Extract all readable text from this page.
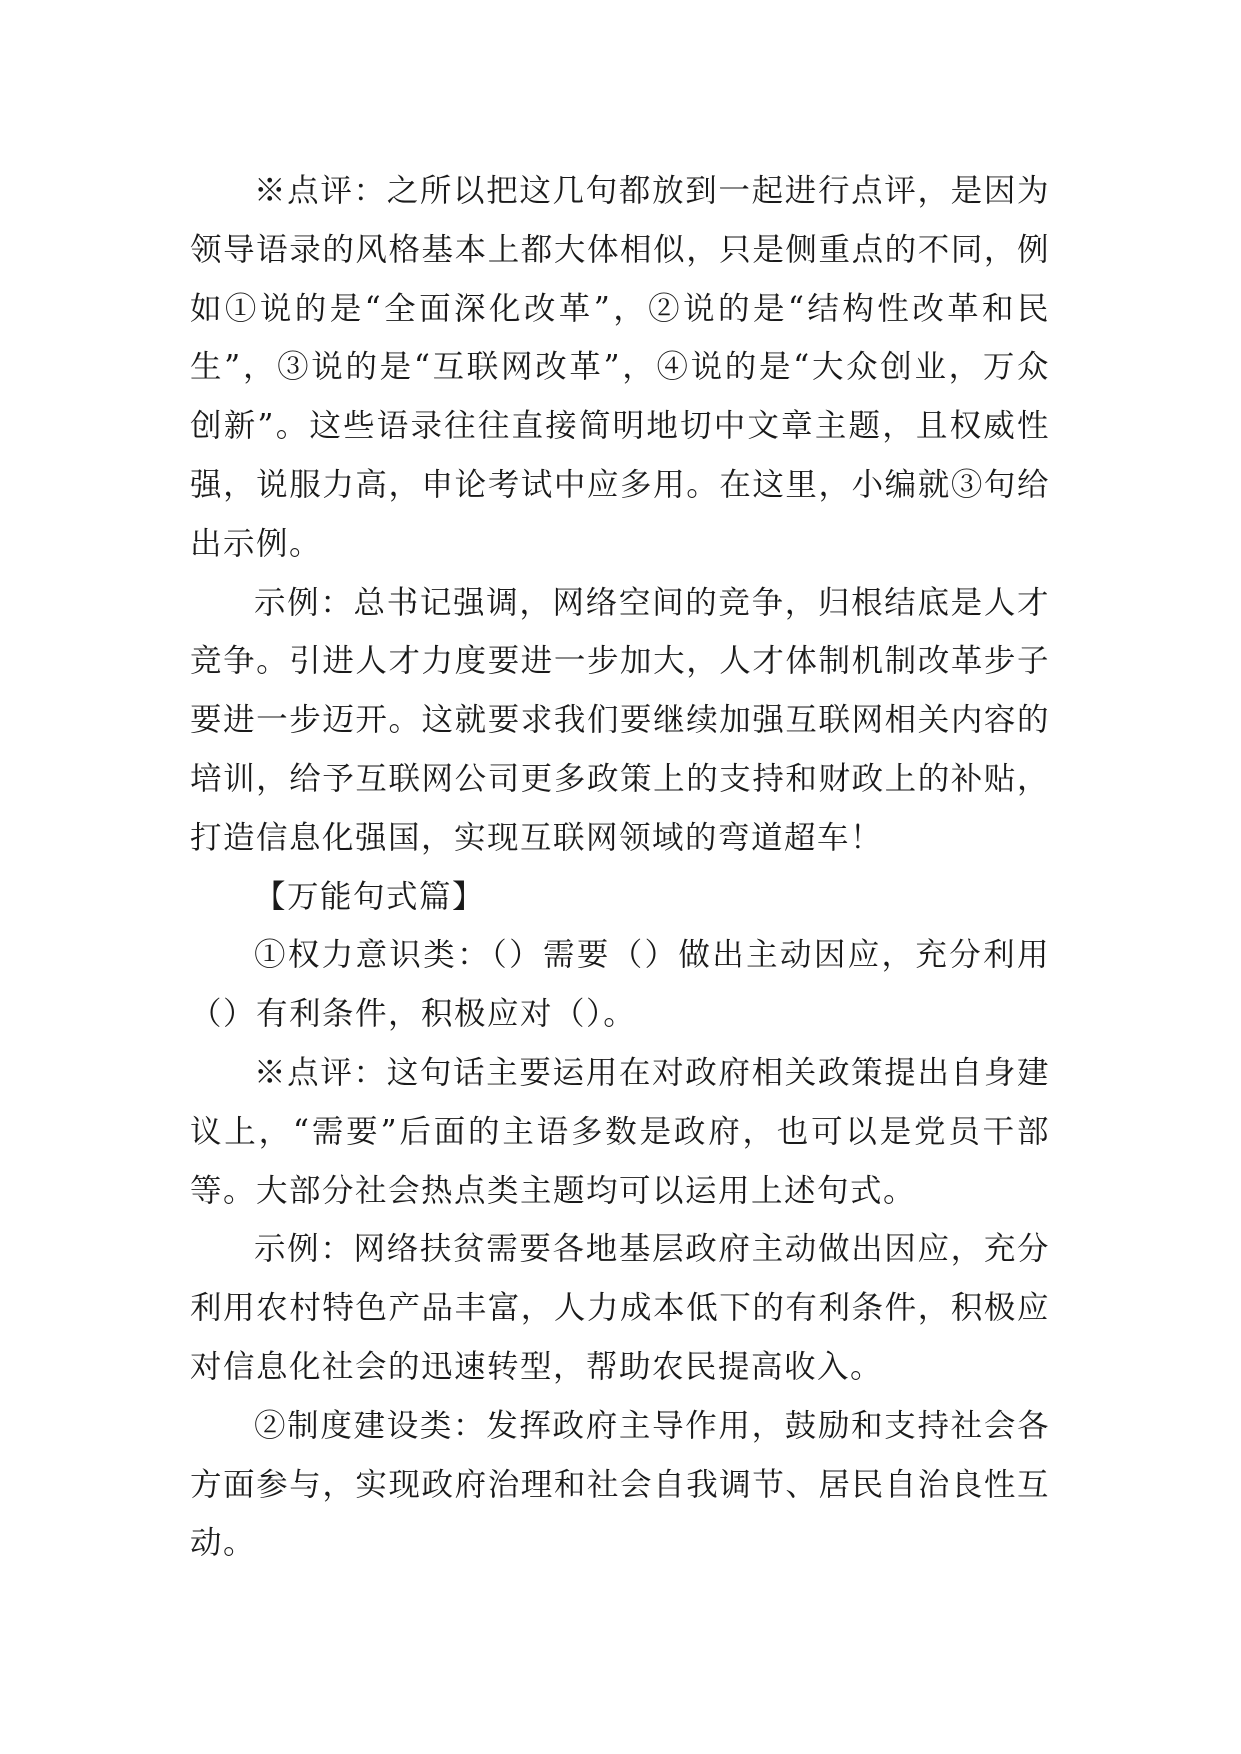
※点评：之所以把这几句都放到一起进行点评，是因为领导语录的风格基本上都大体相似，只是侧重点的不同，例如①说的是“全面深化改革”，②说的是“结构性改革和民生”，③说的是“互联网改革”，④说的是“大众创业，万众创新”。这些语录往往直接简明地切中文章主题，且权威性强，说服力高，申论考试中应多用。在这里，小编就③句给出示例。

示例：总书记强调，网络空间的竞争，归根结底是人才竞争。引进人才力度要进一步加大，人才体制机制改革步子要进一步迈开。这就要求我们要继续加强互联网相关内容的培训，给予互联网公司更多政策上的支持和财政上的补贴，打造信息化强国，实现互联网领域的弯道超车！

【万能句式篇】

①权力意识类：（）需要（）做出主动因应，充分利用（）有利条件，积极应对（）。

※点评：这句话主要运用在对政府相关政策提出自身建议上，“需要”后面的主语多数是政府，也可以是党员干部等。大部分社会热点类主题均可以运用上述句式。

示例：网络扶贫需要各地基层政府主动做出因应，充分利用农村特色产品丰富，人力成本低下的有利条件，积极应对信息化社会的迅速转型，帮助农民提高收入。

②制度建设类：发挥政府主导作用，鼓励和支持社会各方面参与，实现政府治理和社会自我调节、居民自治良性互动。
